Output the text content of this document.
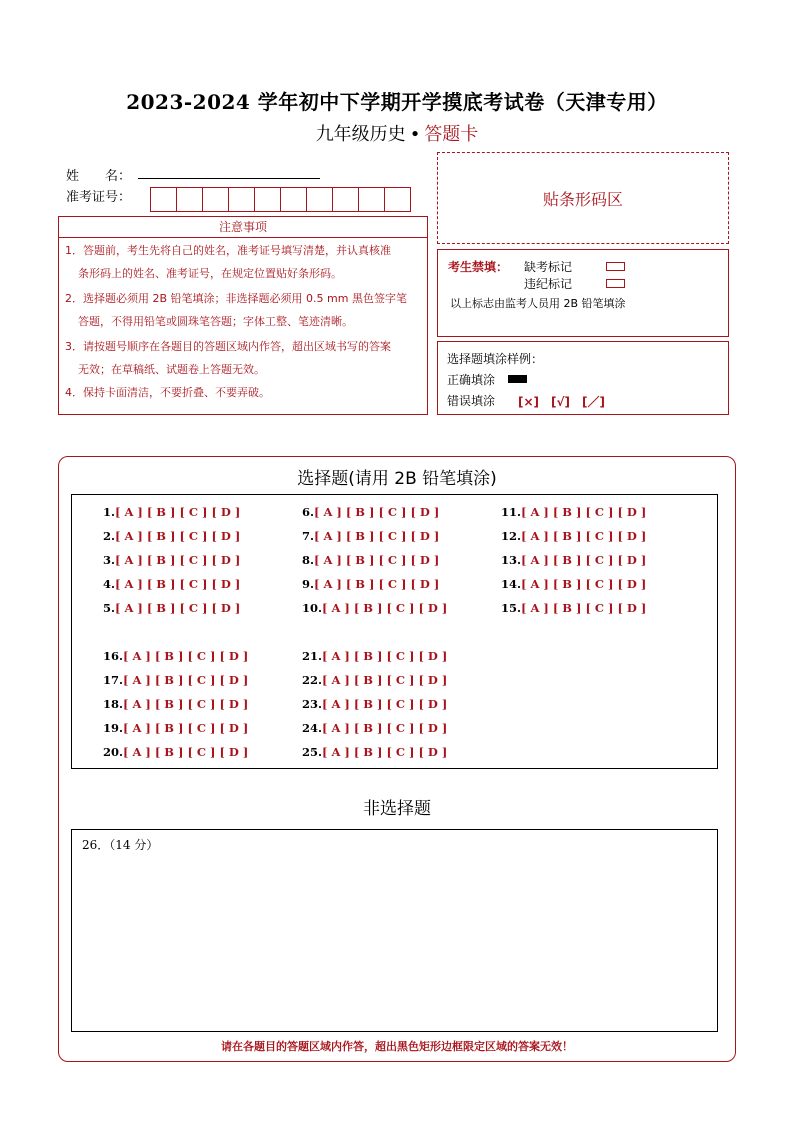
2023-2024 学年初中下学期开学摸底考试卷（天津专用）
九年级历史 • 答题卡
姓　　名：
准考证号：	贴条形码区
注意事项
1．答题前，考生先将自己的姓名，准考证号填写清楚，并认真核准
条形码上的姓名、准考证号，在规定位置贴好条形码。
2．选择题必须用 2B 铅笔填涂；非选择题必须用 0.5 mm 黑色签字笔
答题，不得用铅笔或圆珠笔答题；字体工整、笔迹清晰。
3．请按题号顺序在各题目的答题区域内作答，超出区域书写的答案
无效；在草稿纸、试题卷上答题无效。
4．保持卡面清洁，不要折叠、不要弄破。
考生禁填： 缺考标记
违纪标记
以上标志由监考人员用 2B 铅笔填涂
选择题填涂样例：
正确填涂
错误填涂 [×]　[√]　[／]
选择题(请用 2B 铅笔填涂)
1.[ A ] [ B ] [ C ] [ D ]
2.[ A ] [ B ] [ C ] [ D ]
3.[ A ] [ B ] [ C ] [ D ]
4.[ A ] [ B ] [ C ] [ D ]
5.[ A ] [ B ] [ C ] [ D ]
6.[ A ] [ B ] [ C ] [ D ]
7.[ A ] [ B ] [ C ] [ D ]
8.[ A ] [ B ] [ C ] [ D ]
9.[ A ] [ B ] [ C ] [ D ]
10.[ A ] [ B ] [ C ] [ D ]
11.[ A ] [ B ] [ C ] [ D ]
12.[ A ] [ B ] [ C ] [ D ]
13.[ A ] [ B ] [ C ] [ D ]
14.[ A ] [ B ] [ C ] [ D ]
15.[ A ] [ B ] [ C ] [ D ]
16.[ A ] [ B ] [ C ] [ D ]
17.[ A ] [ B ] [ C ] [ D ]
18.[ A ] [ B ] [ C ] [ D ]
19.[ A ] [ B ] [ C ] [ D ]
20.[ A ] [ B ] [ C ] [ D ]
21.[ A ] [ B ] [ C ] [ D ]
22.[ A ] [ B ] [ C ] [ D ]
23.[ A ] [ B ] [ C ] [ D ]
24.[ A ] [ B ] [ C ] [ D ]
25.[ A ] [ B ] [ C ] [ D ]
非选择题
26．（14 分）
请在各题目的答题区域内作答，超出黑色矩形边框限定区域的答案无效！
